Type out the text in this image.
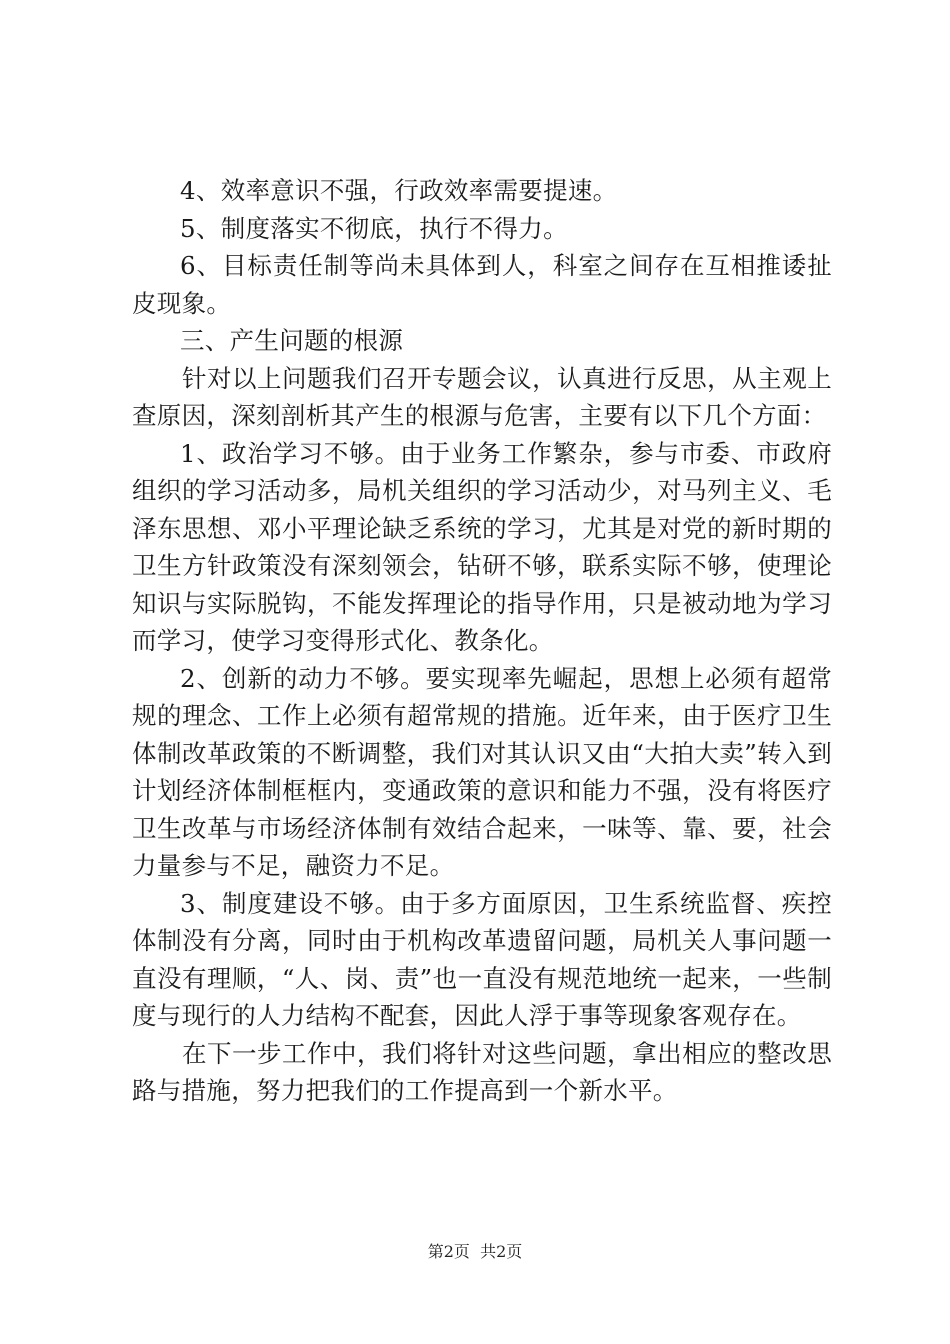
4、效率意识不强，行政效率需要提速。

5、制度落实不彻底，执行不得力。

6、目标责任制等尚未具体到人，科室之间存在互相推诿扯皮现象。

三、产生问题的根源

针对以上问题我们召开专题会议，认真进行反思，从主观上查原因，深刻剖析其产生的根源与危害，主要有以下几个方面：

1、政治学习不够。由于业务工作繁杂，参与市委、市政府组织的学习活动多，局机关组织的学习活动少，对马列主义、毛泽东思想、邓小平理论缺乏系统的学习，尤其是对党的新时期的卫生方针政策没有深刻领会，钻研不够，联系实际不够，使理论知识与实际脱钩，不能发挥理论的指导作用，只是被动地为学习而学习，使学习变得形式化、教条化。

2、创新的动力不够。要实现率先崛起，思想上必须有超常规的理念、工作上必须有超常规的措施。近年来，由于医疗卫生体制改革政策的不断调整，我们对其认识又由“大拍大卖”转入到计划经济体制框框内，变通政策的意识和能力不强，没有将医疗卫生改革与市场经济体制有效结合起来，一味等、靠、要，社会力量参与不足，融资力不足。

3、制度建设不够。由于多方面原因，卫生系统监督、疾控体制没有分离，同时由于机构改革遗留问题，局机关人事问题一直没有理顺，“人、岗、责”也一直没有规范地统一起来，一些制度与现行的人力结构不配套，因此人浮于事等现象客观存在。

在下一步工作中，我们将针对这些问题，拿出相应的整改思路与措施，努力把我们的工作提高到一个新水平。

第2页  共2页
